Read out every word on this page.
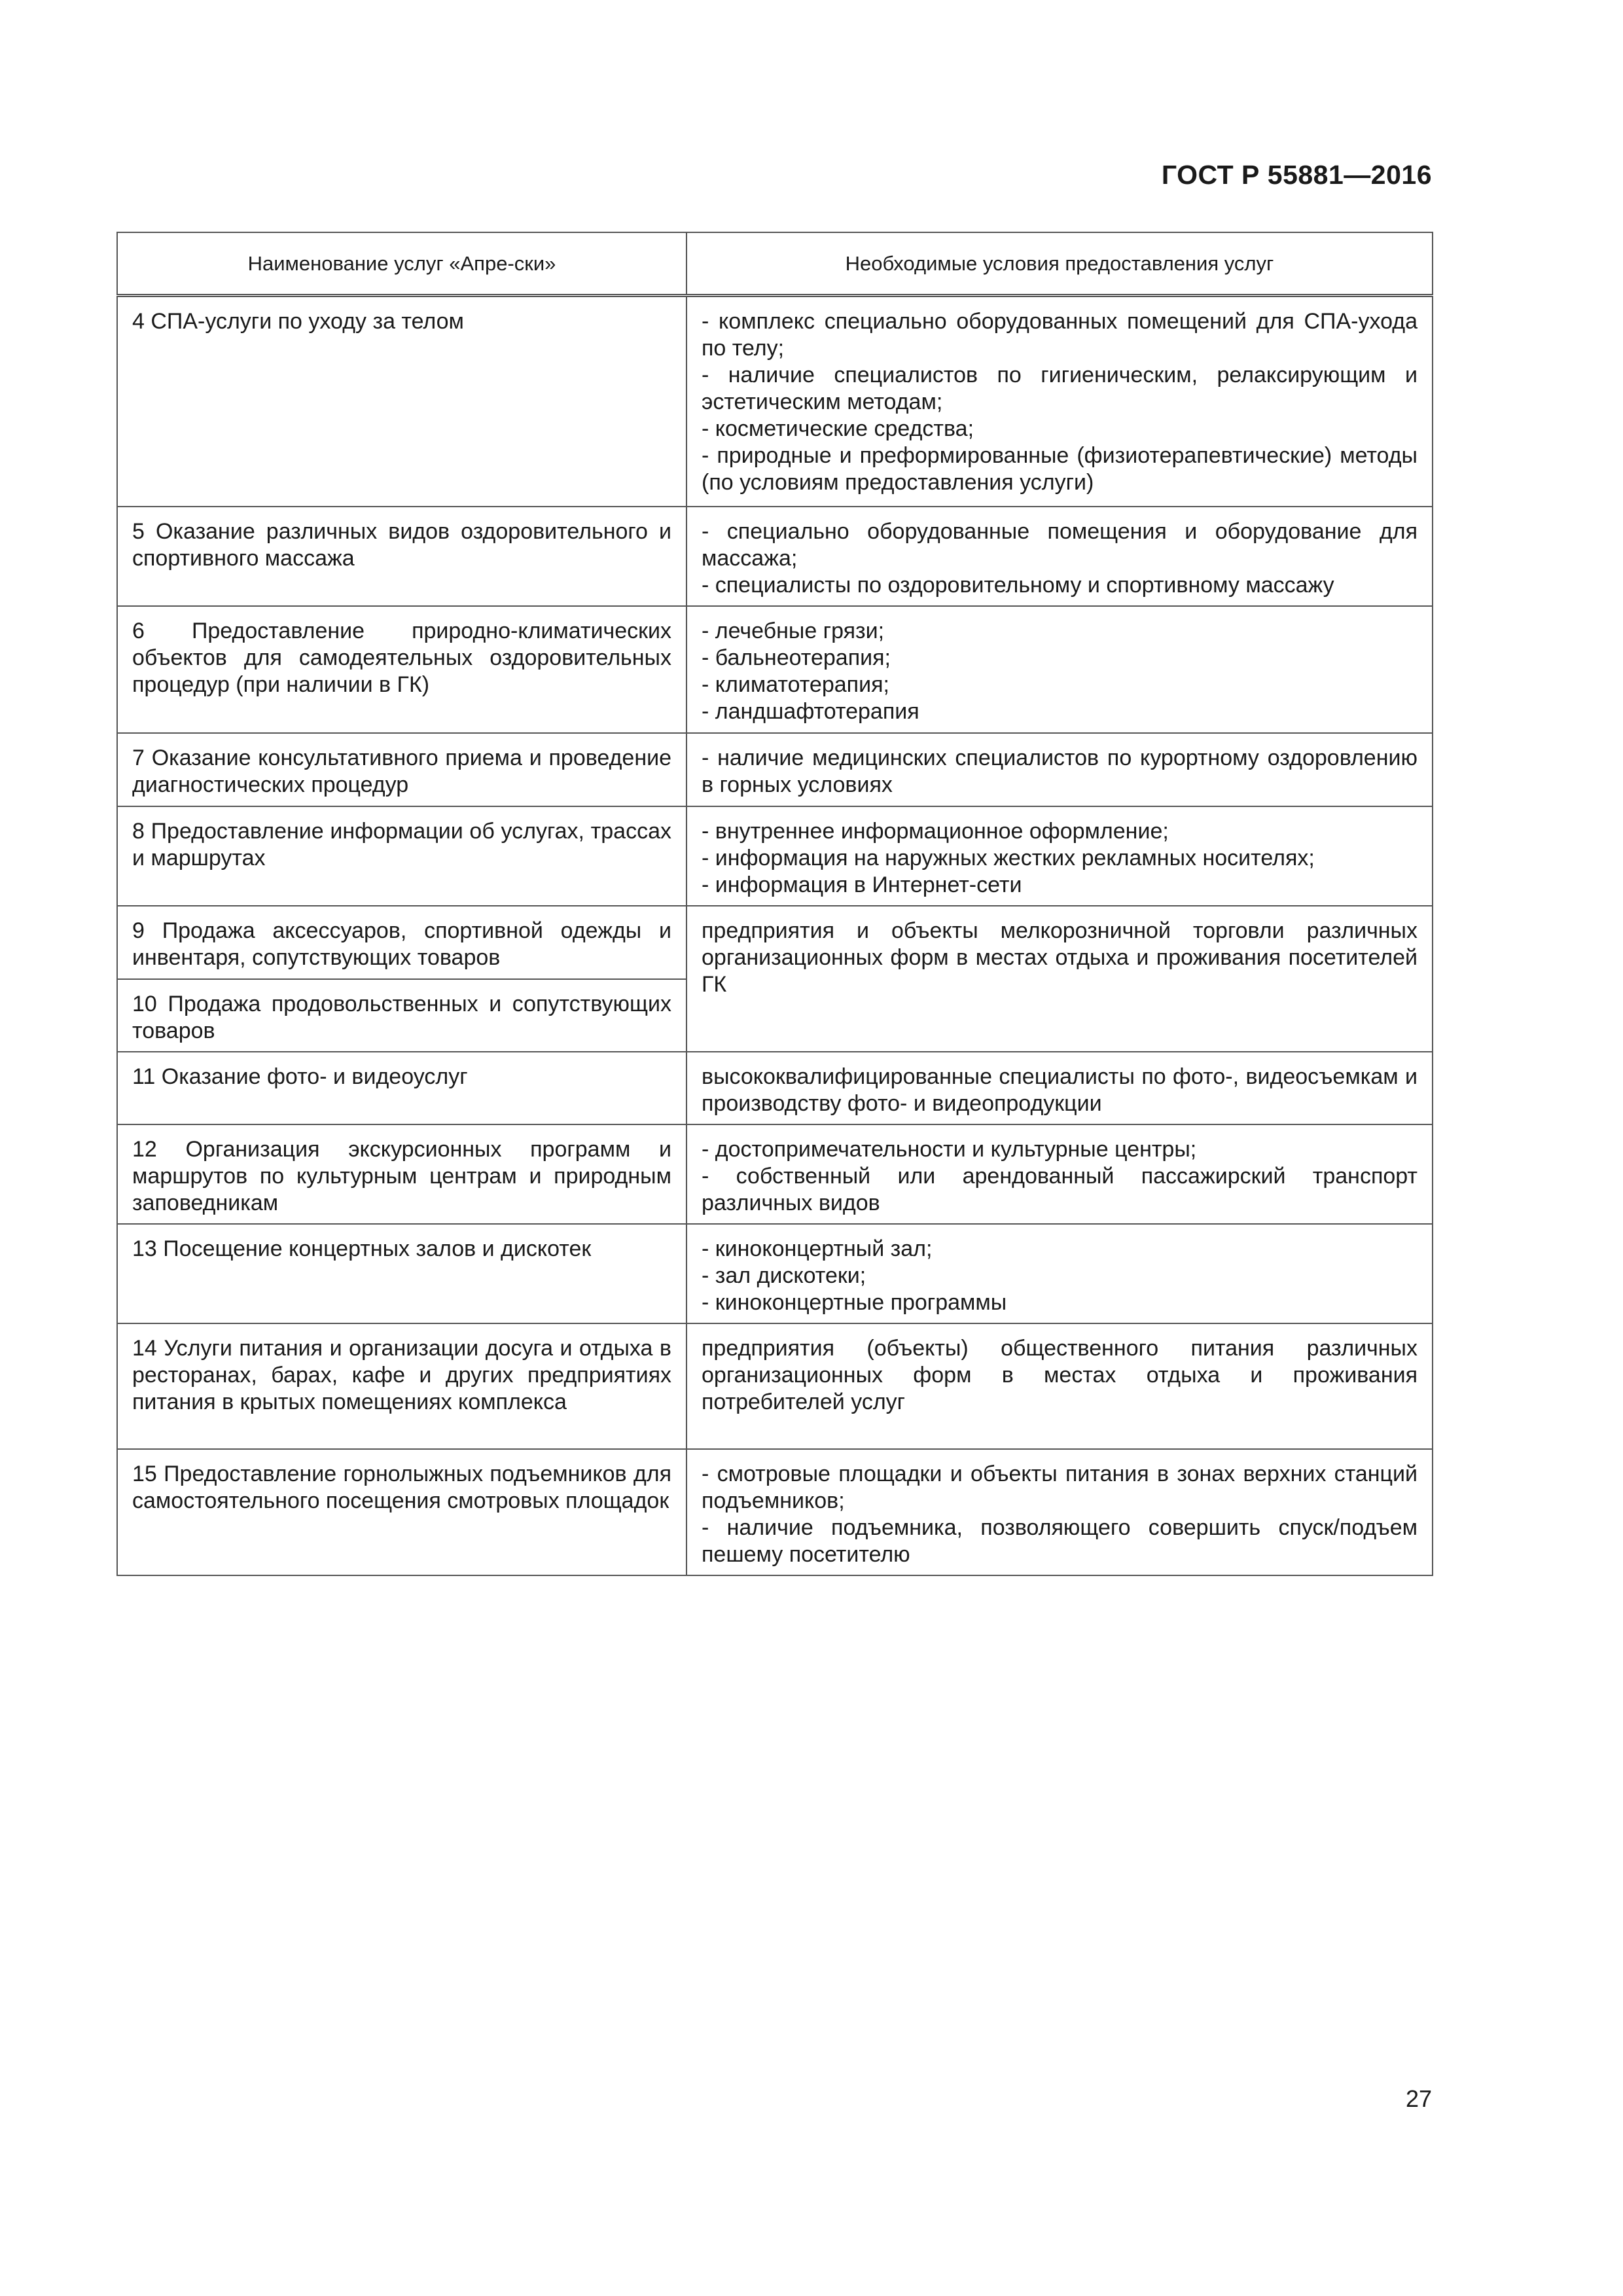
ГОСТ Р 55881—2016
Наименование услуг «Апре-ски»	Необходимые условия предоставления услуг

4 СПА-услуги по уходу за телом	- комплекс специально оборудованных помещений для СПА-ухода по телу;
- наличие специалистов по гигиеническим, релаксирующим и эстетическим методам;
- косметические средства;
- природные и преформированные (физиотерапевтические) методы (по условиям предоставления услуги)

5 Оказание различных видов оздоровительного и спортивного массажа	- специально оборудованные помещения и оборудование для массажа;
- специалисты по оздоровительному и спортивному массажу

6 Предоставление природно-климатических объектов для самодеятельных оздоровительных процедур (при наличии в ГК)	- лечебные грязи;
- бальнеотерапия;
- климатотерапия;
- ландшафтотерапия

7 Оказание консультативного приема и проведение диагностических процедур	- наличие медицинских специалистов по курортному оздоровлению в горных условиях

8 Предоставление информации об услугах, трассах и маршрутах	- внутреннее информационное оформление;
- информация на наружных жестких рекламных носителях;
- информация в Интернет-сети

9 Продажа аксессуаров, спортивной одежды и инвентаря, сопутствующих товаров	предприятия и объекты мелкорозничной торговли различных организационных форм в местах отдыха и проживания посетителей ГК

10 Продажа продовольственных и сопутствующих товаров	

11 Оказание фото- и видеоуслуг	высококвалифицированные специалисты по фото-, видеосъемкам и производству фото- и видеопродукции

12 Организация экскурсионных программ и маршрутов по культурным центрам и природным заповедникам	- достопримечательности и культурные центры;
- собственный или арендованный пассажирский транспорт различных видов

13 Посещение концертных залов и дискотек	- киноконцертный зал;
- зал дискотеки;
- киноконцертные программы

14 Услуги питания и организации досуга и отдыха в ресторанах, барах, кафе и других предприятиях питания в крытых помещениях комплекса	предприятия (объекты) общественного питания различных организационных форм в местах отдыха и проживания потребителей услуг

15 Предоставление горнолыжных подъемников для самостоятельного посещения смотровых площадок	- смотровые площадки и объекты питания в зонах верхних станций подъемников;
- наличие подъемника, позволяющего совершить спуск/подъем пешему посетителю
27
